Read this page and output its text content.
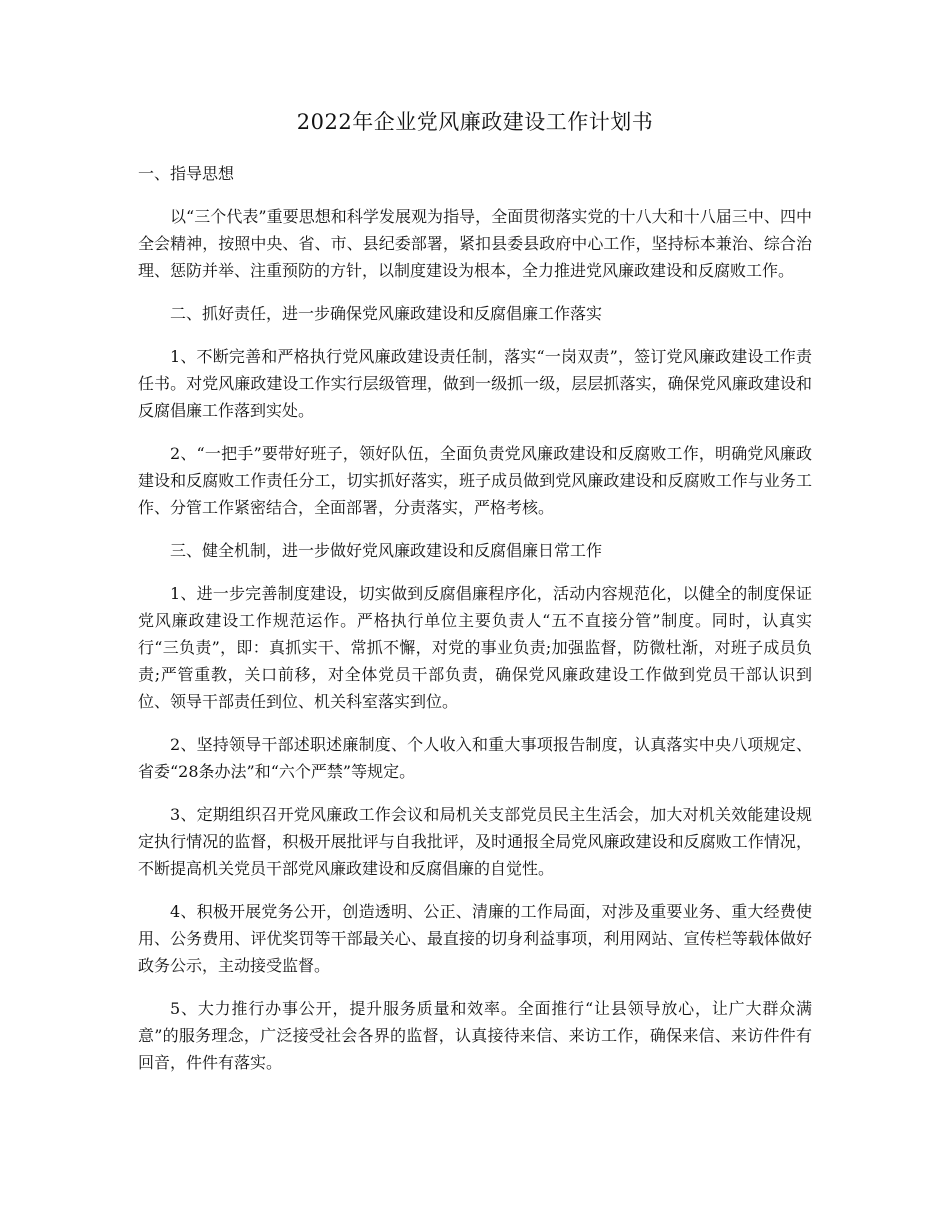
2022年企业党风廉政建设工作计划书
一、指导思想

以“三个代表”重要思想和科学发展观为指导，全面贯彻落实党的十八大和十八届三中、四中全会精神，按照中央、省、市、县纪委部署，紧扣县委县政府中心工作，坚持标本兼治、综合治理、惩防并举、注重预防的方针，以制度建设为根本，全力推进党风廉政建设和反腐败工作。

二、抓好责任，进一步确保党风廉政建设和反腐倡廉工作落实

1、不断完善和严格执行党风廉政建设责任制，落实“一岗双责”，签订党风廉政建设工作责任书。对党风廉政建设工作实行层级管理，做到一级抓一级，层层抓落实，确保党风廉政建设和反腐倡廉工作落到实处。

2、“一把手”要带好班子，领好队伍，全面负责党风廉政建设和反腐败工作，明确党风廉政建设和反腐败工作责任分工，切实抓好落实，班子成员做到党风廉政建设和反腐败工作与业务工作、分管工作紧密结合，全面部署，分责落实，严格考核。

三、健全机制，进一步做好党风廉政建设和反腐倡廉日常工作

1、进一步完善制度建设，切实做到反腐倡廉程序化，活动内容规范化，以健全的制度保证党风廉政建设工作规范运作。严格执行单位主要负责人“五不直接分管”制度。同时，认真实行“三负责”，即：真抓实干、常抓不懈，对党的事业负责;加强监督，防微杜渐，对班子成员负责;严管重教，关口前移，对全体党员干部负责，确保党风廉政建设工作做到党员干部认识到位、领导干部责任到位、机关科室落实到位。

2、坚持领导干部述职述廉制度、个人收入和重大事项报告制度，认真落实中央八项规定、省委“28条办法”和“六个严禁”等规定。

3、定期组织召开党风廉政工作会议和局机关支部党员民主生活会，加大对机关效能建设规定执行情况的监督，积极开展批评与自我批评，及时通报全局党风廉政建设和反腐败工作情况，不断提高机关党员干部党风廉政建设和反腐倡廉的自觉性。

4、积极开展党务公开，创造透明、公正、清廉的工作局面，对涉及重要业务、重大经费使用、公务费用、评优奖罚等干部最关心、最直接的切身利益事项，利用网站、宣传栏等载体做好政务公示，主动接受监督。

5、大力推行办事公开，提升服务质量和效率。全面推行“让县领导放心，让广大群众满意”的服务理念，广泛接受社会各界的监督，认真接待来信、来访工作，确保来信、来访件件有回音，件件有落实。
